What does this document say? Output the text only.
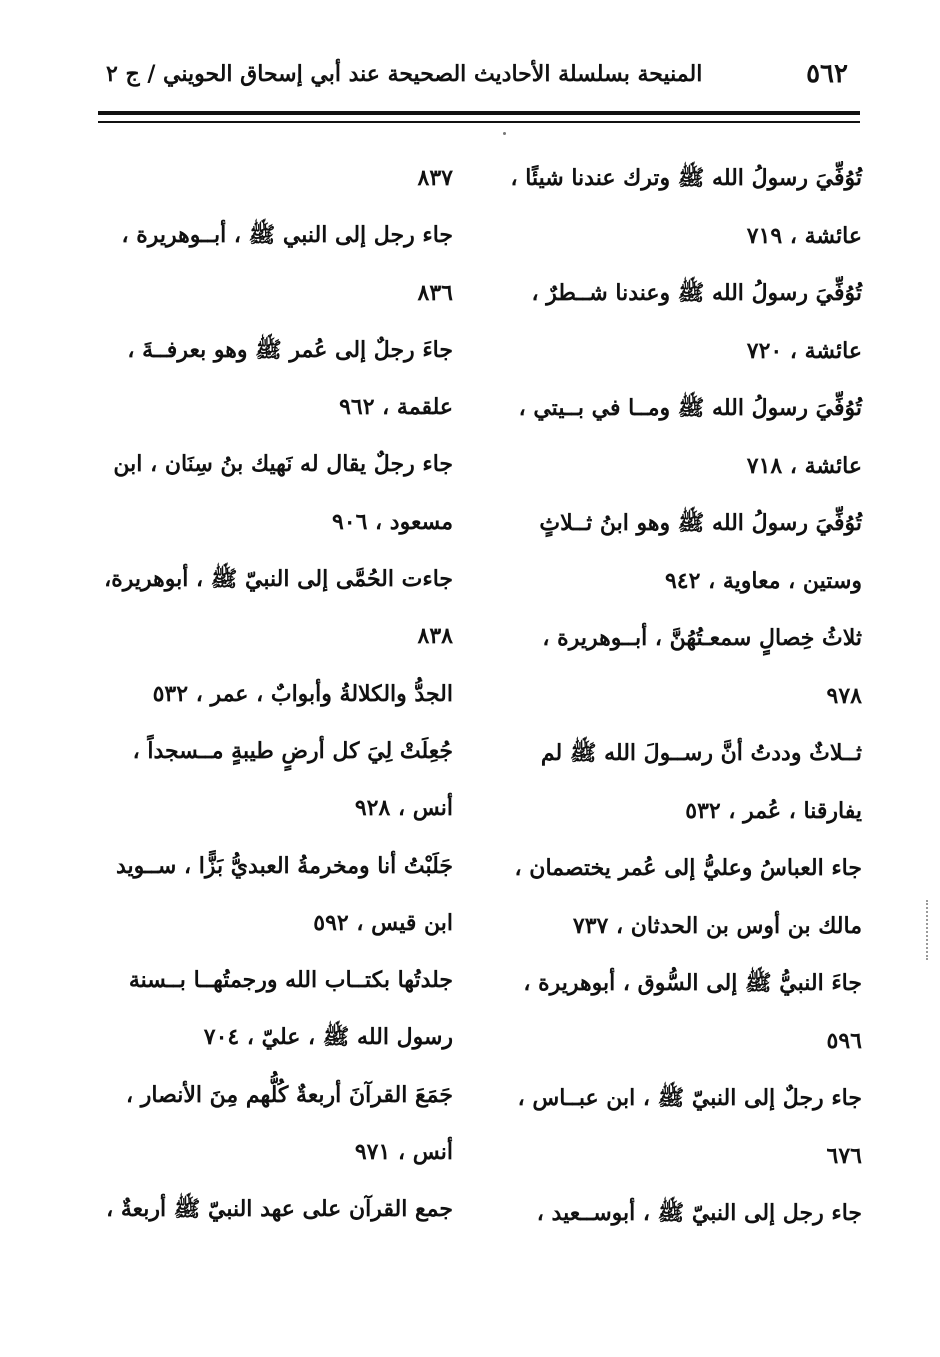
٥٦٢
المنيحة بسلسلة الأحاديث الصحيحة عند أبي إسحاق الحويني / ج ٢
تُوُفِّيَ رسولُ الله ﷺ وترك عندنا شيئًا ،
عائشة ، ٧١٩
تُوُفِّيَ رسولُ الله ﷺ وعندنا شــطرٌ ،
عائشة ، ٧٢٠
تُوُفِّيَ رسولُ الله ﷺ ومــا في بــيتي ،
عائشة ، ٧١٨
تُوُفِّيَ رسولُ الله ﷺ وهو ابنُ ثــلاثٍ
وستين ، معاوية ، ٩٤٢
ثلاثُ خِصالٍ سمعـتُهُنَّ ، أبــوهريرة ،
٩٧٨
ثــلاثٌ وددتُ أنَّ رســولَ الله ﷺ لم
يفارقنا ، عُمر ، ٥٣٢
جاء العباسُ وعليُّ إلى عُمر يختصمان ،
مالك بن أوس بن الحدثان ، ٧٣٧
جاءَ النبيُّ ﷺ إلى السُّوق ، أبوهريرة ،
٥٩٦
جاء رجلٌ إلى النبيّ ﷺ ، ابن عبــاس ،
٦٧٦
جاء رجل إلى النبيّ ﷺ ، أبوســعيد ،
٨٣٧
جاء رجل إلى النبي ﷺ ، أبــوهريرة ،
٨٣٦
جاءَ رجلٌ إلى عُمر ﷺ وهو بعرفــةَ ،
علقمة ، ٩٦٢
جاء رجلٌ يقال له نَهيك بنُ سِنَان ، ابن
مسعود ، ٩٠٦
جاءت الحُمَّى إلى النبيّ ﷺ ، أبوهريرة،
٨٣٨
الجدُّ والكلالةُ وأبوابٌ ، عمر ، ٥٣٢
جُعِلَتْ لِيَ كل أرضٍ طيبةٍ مــسجداً ،
أنس ، ٩٢٨
جَلَبْتُ أنا ومخرمةُ العبديُّ بَزًّا ، ســويد
ابن قيس ، ٥٩٢
جلدتُها بكتــاب الله ورجمتُهــا بــسنة
رسول الله ﷺ ، عليّ ، ٧٠٤
جَمَعَ القرآنَ أربعةٌ كُلُّهم مِنَ الأنصار ،
أنس ، ٩٧١
جمع القرآن على عهد النبيّ ﷺ أربعةٌ ،
